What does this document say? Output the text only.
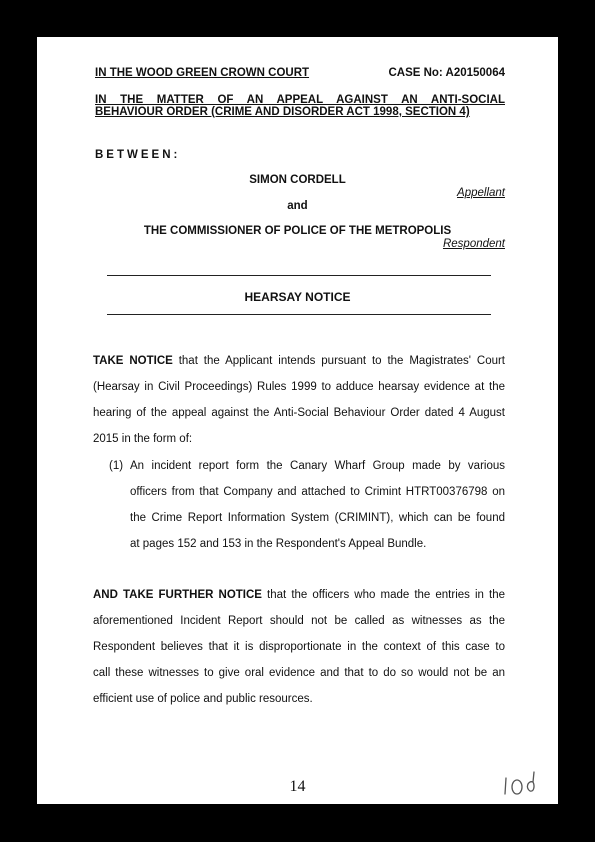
IN THE WOOD GREEN CROWN COURT	CASE No: A20150064
IN THE MATTER OF AN APPEAL AGAINST AN ANTI-SOCIAL
BEHAVIOUR ORDER (CRIME AND DISORDER ACT 1998, SECTION 4)
BETWEEN:
SIMON CORDELL
Appellant
and
THE COMMISSIONER OF POLICE OF THE METROPOLIS
Respondent
HEARSAY NOTICE
TAKE NOTICE that the Applicant intends pursuant to the Magistrates' Court
(Hearsay in Civil Proceedings) Rules 1999 to adduce hearsay evidence at the
hearing of the appeal against the Anti-Social Behaviour Order dated 4 August
2015 in the form of:
(1) An incident report form the Canary Wharf Group made by various
officers from that Company and attached to Crimint HTRT00376798 on
the Crime Report Information System (CRIMINT), which can be found
at pages 152 and 153 in the Respondent's Appeal Bundle.
AND TAKE FURTHER NOTICE that the officers who made the entries in the
aforementioned Incident Report should not be called as witnesses as the
Respondent believes that it is disproportionate in the context of this case to
call these witnesses to give oral evidence and that to do so would not be an
efficient use of police and public resources.
14
